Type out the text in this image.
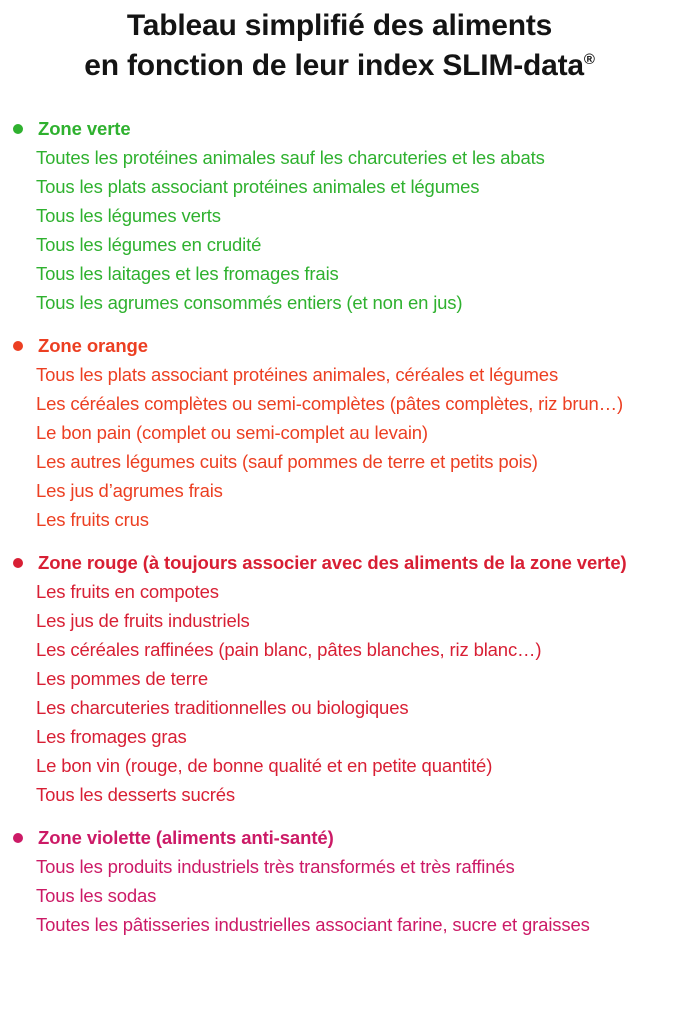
Tableau simplifié des aliments
en fonction de leur index SLIM-data®
Zone verte
Toutes les protéines animales sauf les charcuteries et les abats
Tous les plats associant protéines animales et légumes
Tous les légumes verts
Tous les légumes en crudité
Tous les laitages et les fromages frais
Tous les agrumes consommés entiers (et non en jus)
Zone orange
Tous les plats associant protéines animales, céréales et légumes
Les céréales complètes ou semi-complètes (pâtes complètes, riz brun…)
Le bon pain (complet ou semi-complet au levain)
Les autres légumes cuits (sauf pommes de terre et petits pois)
Les jus d’agrumes frais
Les fruits crus
Zone rouge (à toujours associer avec des aliments de la zone verte)
Les fruits en compotes
Les jus de fruits industriels
Les céréales raffinées (pain blanc, pâtes blanches, riz blanc…)
Les pommes de terre
Les charcuteries traditionnelles ou biologiques
Les fromages gras
Le bon vin (rouge, de bonne qualité et en petite quantité)
Tous les desserts sucrés
Zone violette (aliments anti-santé)
Tous les produits industriels très transformés et très raffinés
Tous les sodas
Toutes les pâtisseries industrielles associant farine, sucre et graisses
